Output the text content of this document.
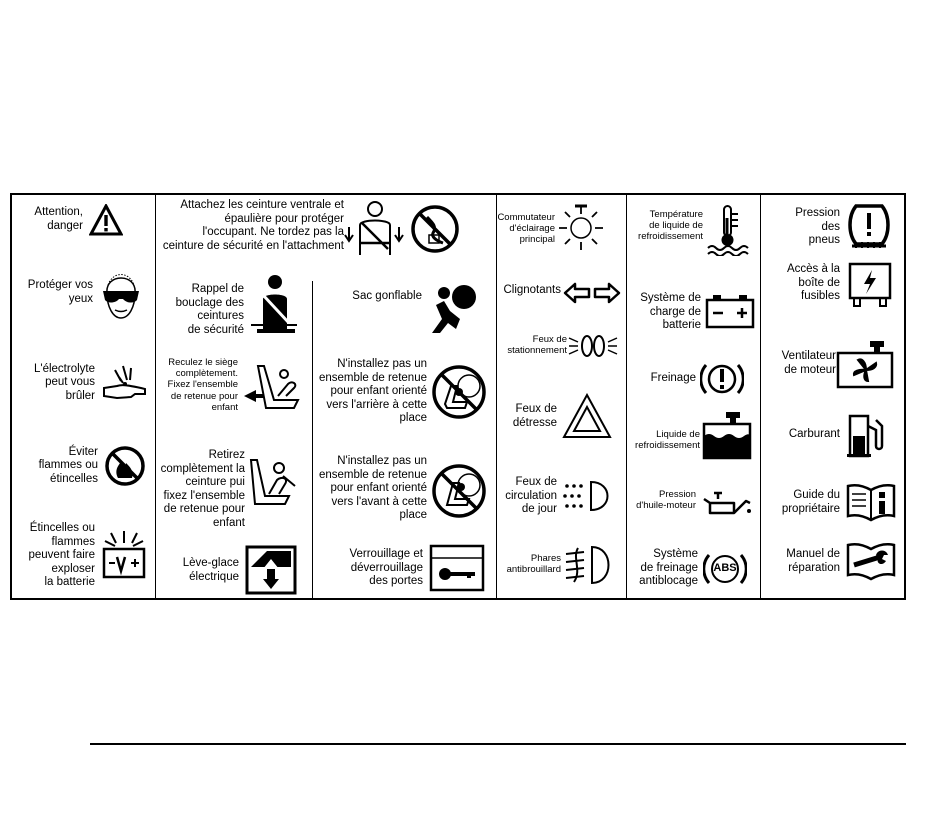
Attention,
danger
Protéger vos
yeux
L'électrolyte
peut vous
brûler
Éviter
flammes ou
étincelles
Étincelles ou
flammes
peuvent faire
exploser
la batterie
Attachez les ceinture ventrale et
épaulière pour protéger
l'occupant. Ne tordez pas la
ceinture de sécurité en l'attachment
Rappel de
bouclage des
ceintures
de sécurité
Reculez le siège
complètement.
Fixez l'ensemble
de retenue pour
enfant
Retirez
complètement la
ceinture pui
fixez l'ensemble
de retenue pour
enfant
Lève-glace
électrique
Sac gonflable
N'installez pas un
ensemble de retenue
pour enfant orienté
vers l'arrière à cette
place
N'installez pas un
ensemble de retenue
pour enfant orienté
vers l'avant à cette
place
Verrouillage et
déverrouillage
des portes
Commutateur
d'éclairage
principal
Clignotants
Feux de
stationnement
Feux de
détresse
Feux de
circulation
de jour
Phares
antibrouillard
Température
de liquide de
refroidissement
Système de
charge de
batterie
Freinage
Liquide de
refroidissement
Pression
d'huile-moteur
Système
de freinage
antiblocage
ABS
Pression
des
pneus
Accès à la
boîte de
fusibles
Ventilateur
de moteur
Carburant
Guide du
propriétaire
Manuel de
réparation
